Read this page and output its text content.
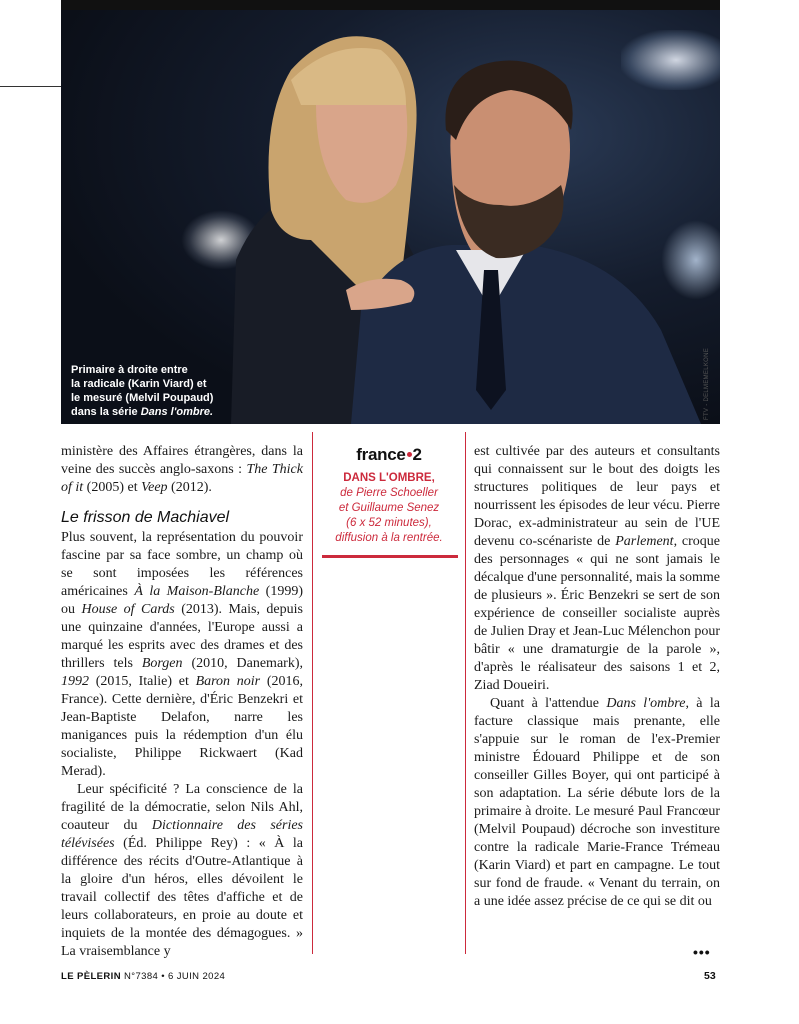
Primaire à droite entre
la radicale (Karin Viard) et
le mesuré (Melvil Poupaud)
dans la série Dans l'ombre.	FTV - DELMEMELKONE

ministère des Affaires étrangères, dans la veine des succès anglo-saxons : The Thick of it (2005) et Veep (2012).

Le frisson de Machiavel

Plus souvent, la représentation du pouvoir fascine par sa face sombre, un champ où se sont imposées les références américaines À la Maison-Blanche (1999) ou House of Cards (2013). Mais, depuis une quinzaine d'années, l'Europe aussi a marqué les esprits avec des drames et des thrillers tels Borgen (2010, Danemark), 1992 (2015, Italie) et Baron noir (2016, France). Cette dernière, d'Éric Benzekri et Jean-Baptiste Delafon, narre les manigances puis la rédemption d'un élu socialiste, Philippe Rickwaert (Kad Merad).

Leur spécificité ? La conscience de la fragilité de la démocratie, selon Nils Ahl, coauteur du Dictionnaire des séries télévisées (Éd. Philippe Rey) : « À la différence des récits d'Outre-Atlantique à la gloire d'un héros, elles dévoilent le travail collectif des têtes d'affiche et de leurs collaborateurs, en proie au doute et inquiets de la montée des démagogues. » La vraisemblance y

france 2
DANS L'OMBRE,
de Pierre Schoeller
et Guillaume Senez
(6 x 52 minutes),
diffusion à la rentrée.

est cultivée par des auteurs et consultants qui connaissent sur le bout des doigts les structures politiques de leur pays et nourrissent les épisodes de leur vécu. Pierre Dorac, ex-administrateur au sein de l'UE devenu co-scénariste de Parlement, croque des personnages « qui ne sont jamais le décalque d'une personnalité, mais la somme de plusieurs ». Éric Benzekri se sert de son expérience de conseiller socialiste auprès de Julien Dray et Jean-Luc Mélenchon pour bâtir « une dramaturgie de la parole », d'après le réalisateur des saisons 1 et 2, Ziad Doueiri.

Quant à l'attendue Dans l'ombre, à la facture classique mais prenante, elle s'appuie sur le roman de l'ex-Premier ministre Édouard Philippe et de son conseiller Gilles Boyer, qui ont participé à son adaptation. La série débute lors de la primaire à droite. Le mesuré Paul Francœur (Melvil Poupaud) décroche son investiture contre la radicale Marie-France Trémeau (Karin Viard) et part en campagne. Le tout sur fond de fraude. « Venant du terrain, on a une idée assez précise de ce qui se dit ou

•••
LE PÈLERIN N°7384 • 6 JUIN 2024	53
